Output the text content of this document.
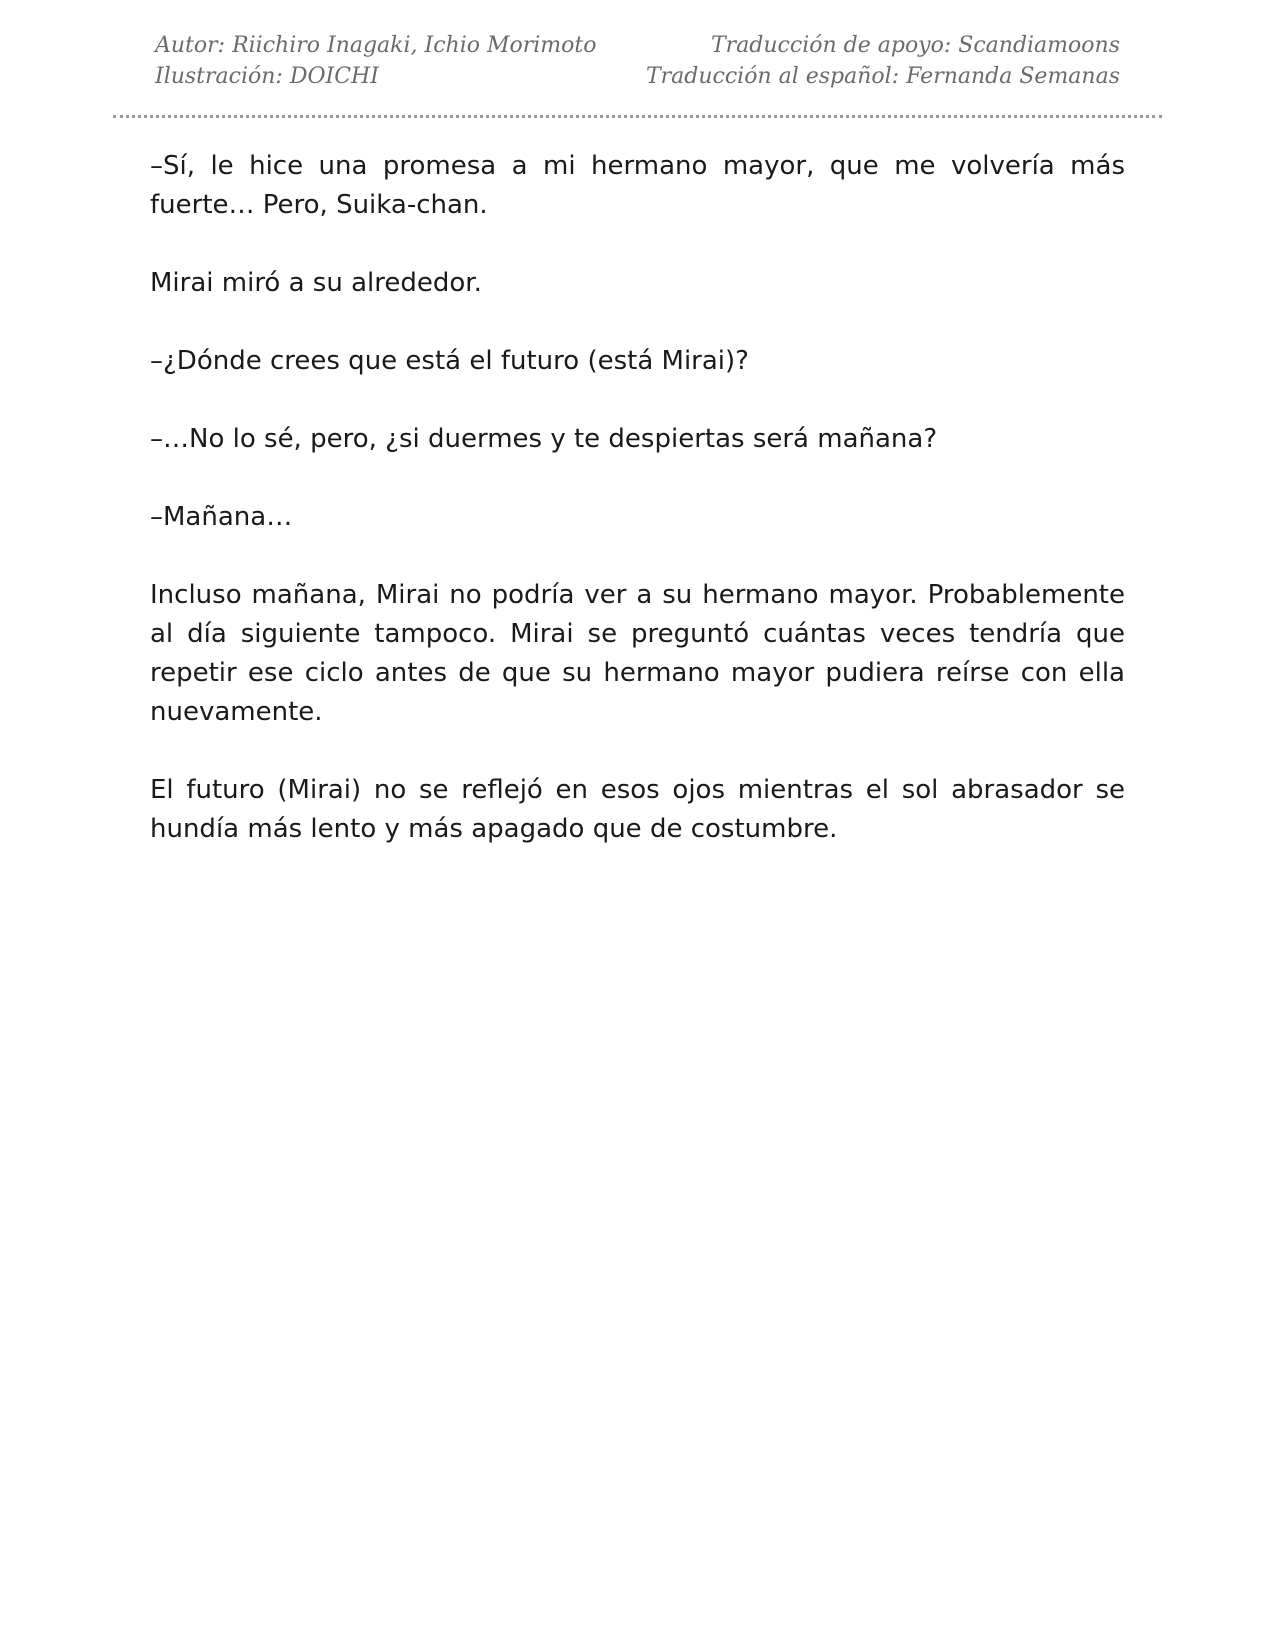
Autor: Riichiro Inagaki, Ichio Morimoto
Ilustración: DOICHI
Traducción de apoyo: Scandiamoons
Traducción al español: Fernanda Semanas

–Sí, le hice una promesa a mi hermano mayor, que me volvería más fuerte… Pero, Suika-chan.

Mirai miró a su alrededor.

–¿Dónde crees que está el futuro (está Mirai)?

–…No lo sé, pero, ¿si duermes y te despiertas será mañana?

–Mañana…

Incluso mañana, Mirai no podría ver a su hermano mayor. Probablemente al día siguiente tampoco. Mirai se preguntó cuántas veces tendría que repetir ese ciclo antes de que su hermano mayor pudiera reírse con ella nuevamente.

El futuro (Mirai) no se reflejó en esos ojos mientras el sol abrasador se hundía más lento y más apagado que de costumbre.
